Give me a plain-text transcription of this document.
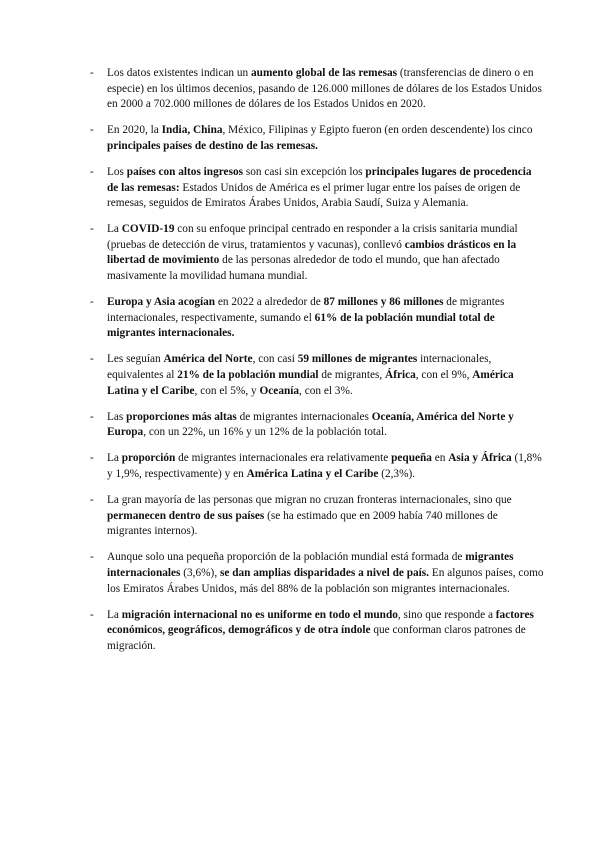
- Los datos existentes indican un aumento global de las remesas (transferencias de dinero o en especie) en los últimos decenios, pasando de 126.000 millones de dólares de los Estados Unidos en 2000 a 702.000 millones de dólares de los Estados Unidos en 2020.
- En 2020, la India, China, México, Filipinas y Egipto fueron (en orden descendente) los cinco principales países de destino de las remesas.
- Los países con altos ingresos son casi sin excepción los principales lugares de procedencia de las remesas: Estados Unidos de América es el primer lugar entre los países de origen de remesas, seguidos de Emiratos Árabes Unidos, Arabia Saudí, Suiza y Alemania.
- La COVID-19 con su enfoque principal centrado en responder a la crisis sanitaria mundial (pruebas de detección de virus, tratamientos y vacunas), conllevó cambios drásticos en la libertad de movimiento de las personas alrededor de todo el mundo, que han afectado masivamente la movilidad humana mundial.
- Europa y Asia acogían en 2022 a alrededor de 87 millones y 86 millones de migrantes internacionales, respectivamente, sumando el 61% de la población mundial total de migrantes internacionales.
- Les seguían América del Norte, con casi 59 millones de migrantes internacionales, equivalentes al 21% de la población mundial de migrantes, África, con el 9%, América Latina y el Caribe, con el 5%, y Oceanía, con el 3%.
- Las proporciones más altas de migrantes internacionales Oceanía, América del Norte y Europa, con un 22%, un 16% y un 12% de la población total.
- La proporción de migrantes internacionales era relativamente pequeña en Asia y África (1,8% y 1,9%, respectivamente) y en América Latina y el Caribe (2,3%).
- La gran mayoría de las personas que migran no cruzan fronteras internacionales, sino que permanecen dentro de sus países (se ha estimado que en 2009 había 740 millones de migrantes internos).
- Aunque solo una pequeña proporción de la población mundial está formada de migrantes internacionales (3,6%), se dan amplias disparidades a nivel de país. En algunos países, como los Emiratos Árabes Unidos, más del 88% de la población son migrantes internacionales.
- La migración internacional no es uniforme en todo el mundo, sino que responde a factores económicos, geográficos, demográficos y de otra índole que conforman claros patrones de migración.
